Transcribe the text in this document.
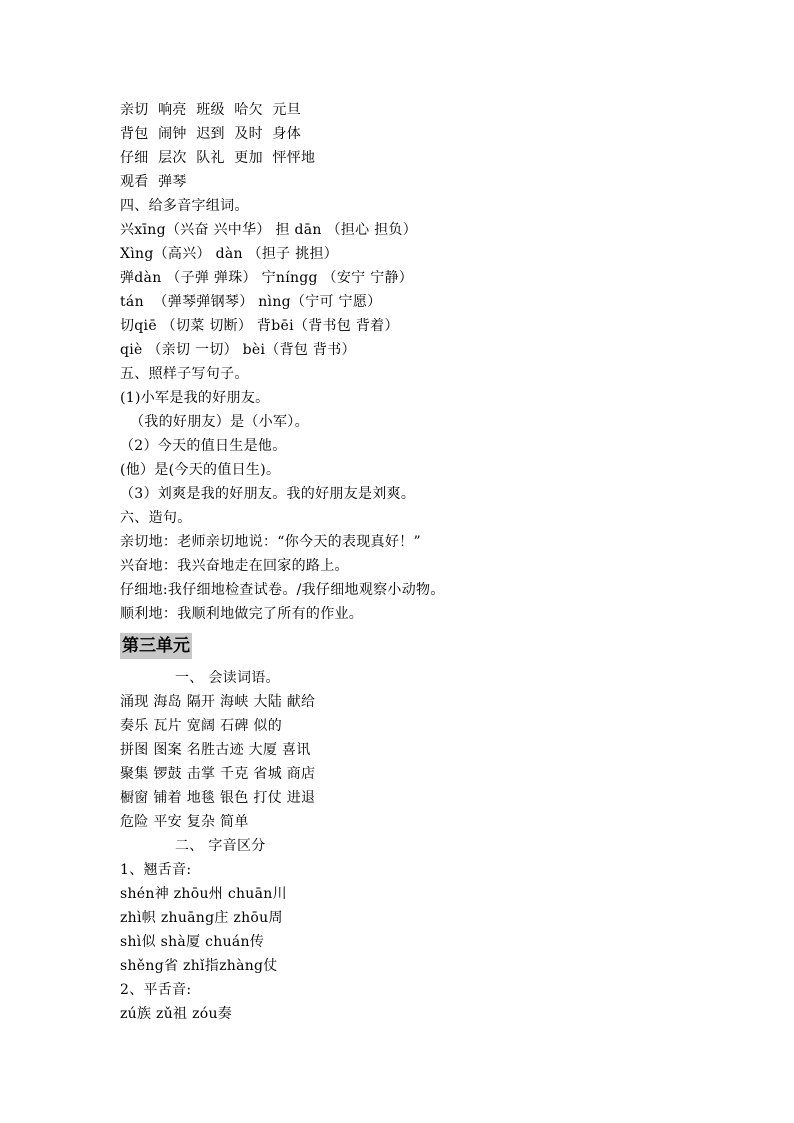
亲切  响亮  班级  哈欠  元旦
背包  闹钟  迟到  及时  身体
仔细  层次  队礼  更加  怦怦地
观看  弹琴
四、给多音字组词。
兴xīng（兴奋 兴中华） 担 dān （担心 担负）
Xìng（高兴） dàn （担子 挑担）
弹dàn （子弹 弹珠） 宁níngg （安宁 宁静）
tán  （弹琴弹钢琴） nìng（宁可 宁愿）
切qiē （切菜 切断） 背bēi（背书包 背着）
qiè （亲切 一切） bèi（背包 背书）
五、照样子写句子。
(1)小军是我的好朋友。
（我的好朋友）是（小军）。
（2）今天的值日生是他。
(他）是(今天的值日生)。
（3）刘爽是我的好朋友。我的好朋友是刘爽。
六、造句。
亲切地：老师亲切地说：“你今天的表现真好！”
兴奋地：我兴奋地走在回家的路上。
仔细地:我仔细地检查试卷。/我仔细地观察小动物。
顺利地：我顺利地做完了所有的作业。
第三单元
一、 会读词语。
涌现 海岛 隔开 海峡 大陆 献给
奏乐 瓦片 宽阔 石碑 似的
拼图 图案 名胜古迹 大厦 喜讯
聚集 锣鼓 击掌 千克 省城 商店
橱窗 铺着 地毯 银色 打仗 进退
危险 平安 复杂 简单
二、 字音区分
1、翘舌音:
shén神 zhōu州 chuān川
zhì帜 zhuāng庄 zhōu周
shì似 shà厦 chuán传
shěng省 zhǐ指zhàng仗
2、平舌音:
zú族 zǔ祖 zóu奏
